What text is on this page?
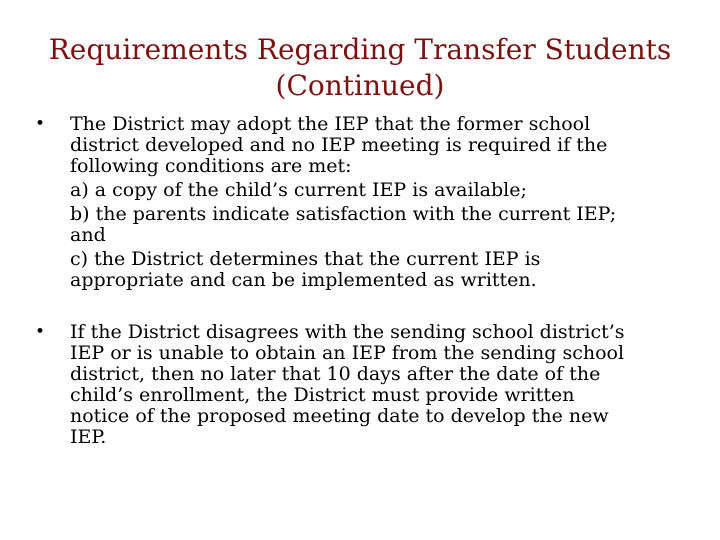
Requirements Regarding Transfer Students
(Continued)
• The District may adopt the IEP that the former school
district developed and no IEP meeting is required if the
following conditions are met:
a) a copy of the child’s current IEP is available;
b) the parents indicate satisfaction with the current IEP;
and
c) the District determines that the current IEP is
appropriate and can be implemented as written.
• If the District disagrees with the sending school district’s
IEP or is unable to obtain an IEP from the sending school
district, then no later that 10 days after the date of the
child’s enrollment, the District must provide written
notice of the proposed meeting date to develop the new
IEP.
